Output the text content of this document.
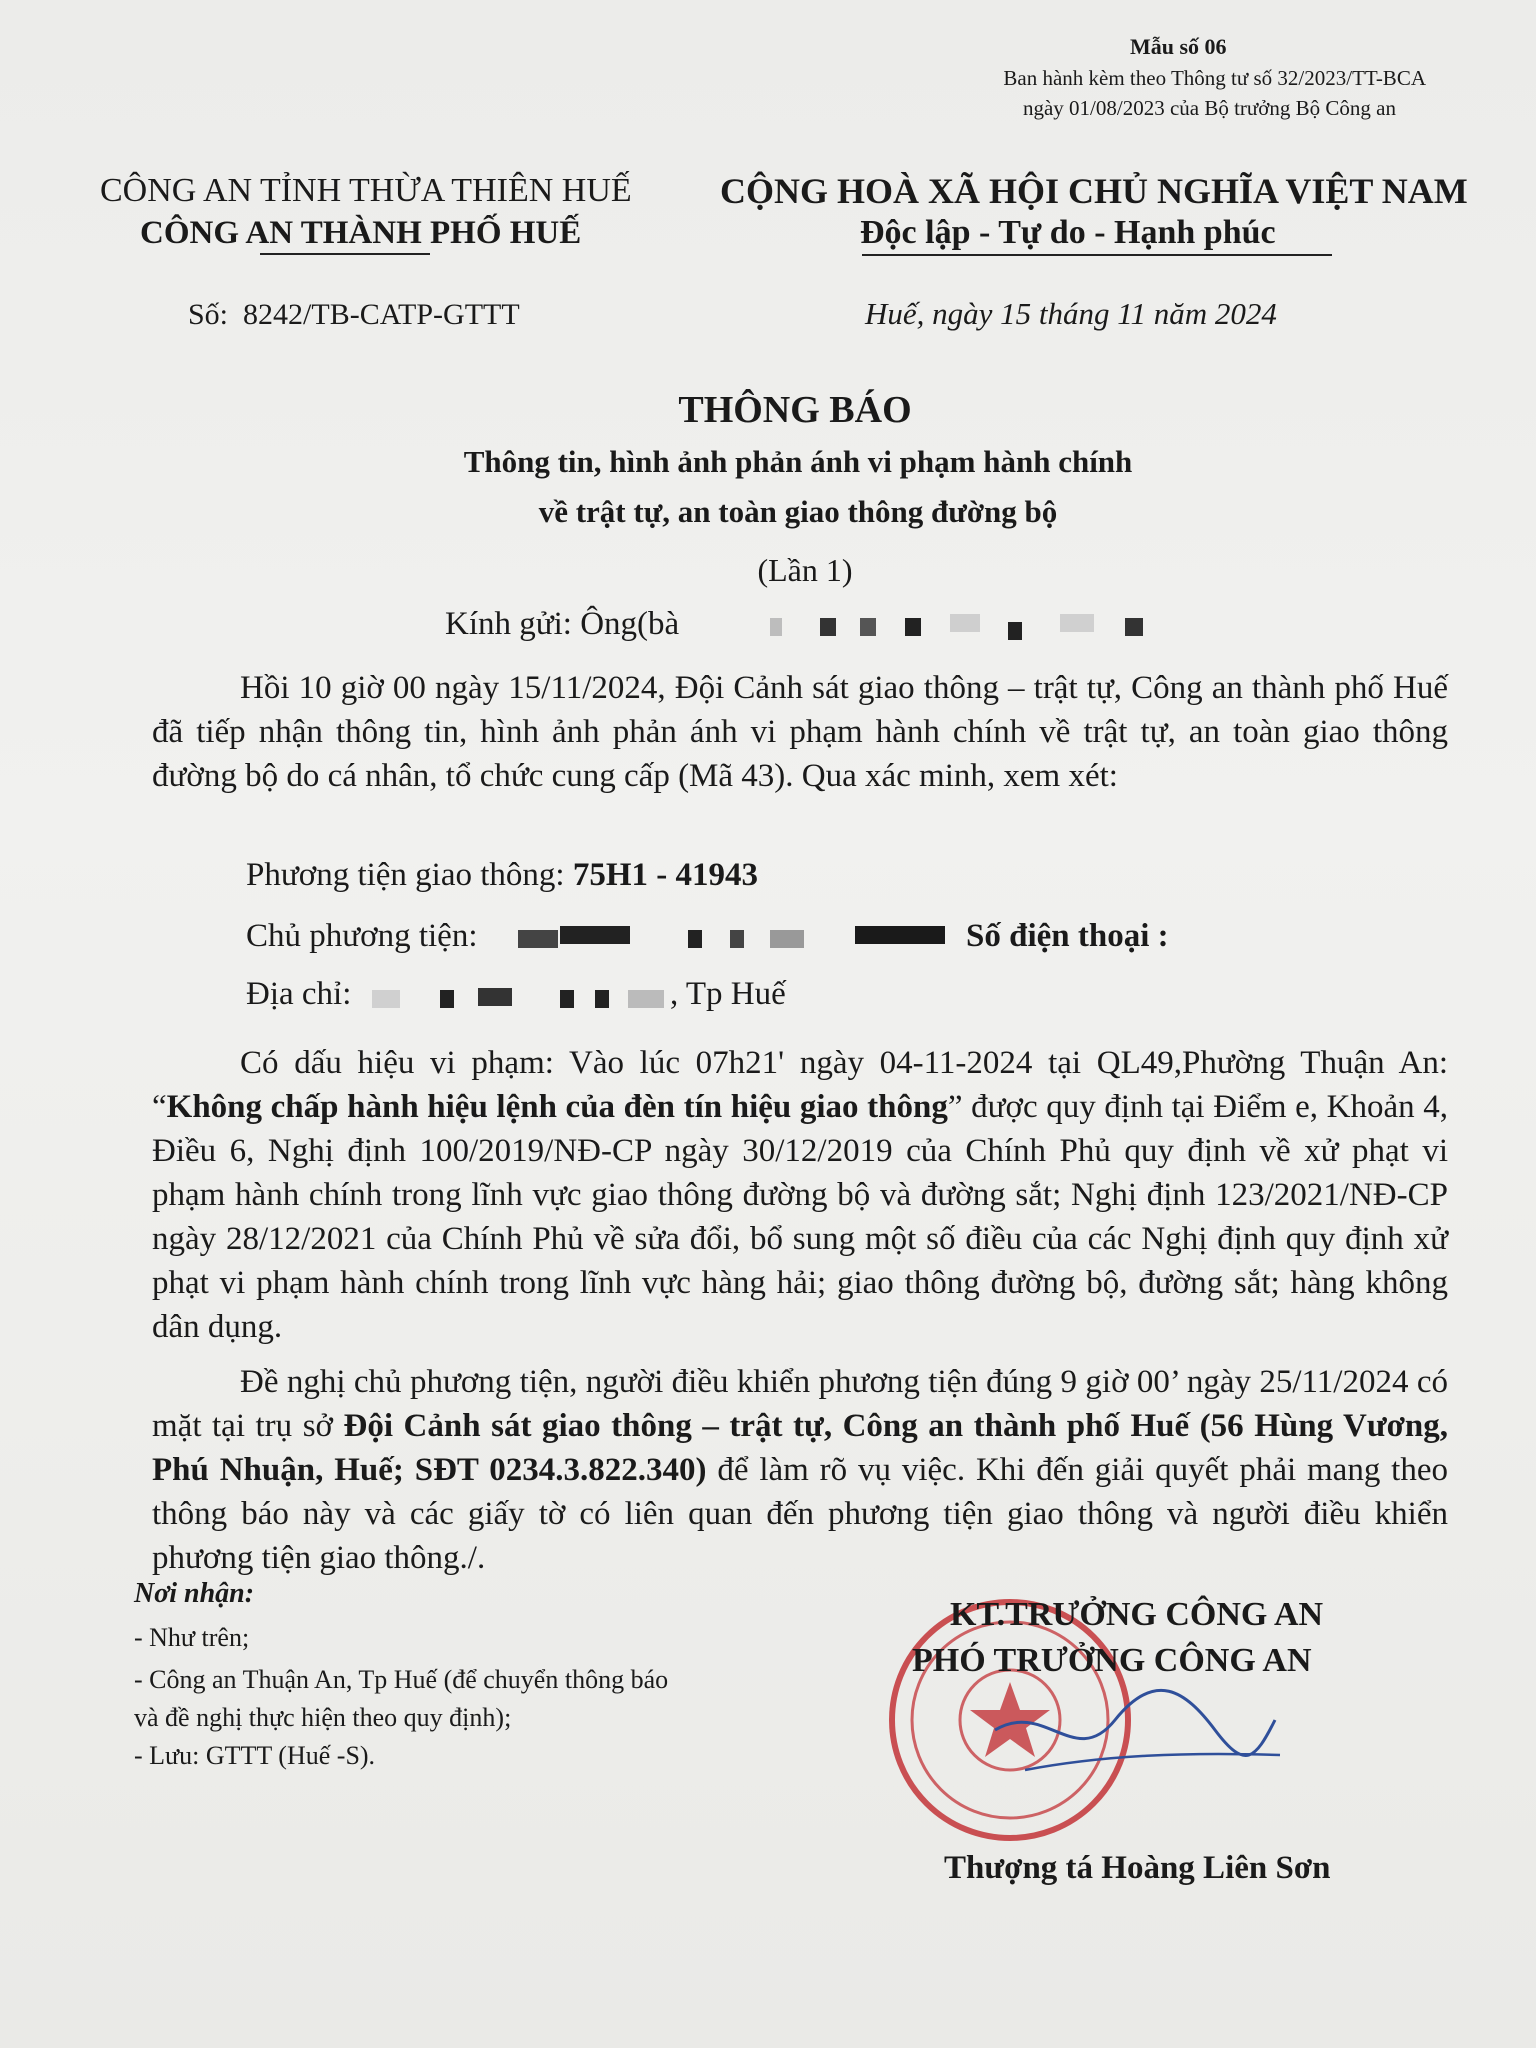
Mẫu số 06
Ban hành kèm theo Thông tư số 32/2023/TT-BCA
ngày 01/08/2023 của Bộ trưởng Bộ Công an
CÔNG AN TỈNH THỪA THIÊN HUẾ
CÔNG AN THÀNH PHỐ HUẾ
CỘNG HOÀ XÃ HỘI CHỦ NGHĨA VIỆT NAM
Độc lập - Tự do - Hạnh phúc
Số: 8242/TB-CATP-GTTT	Huế, ngày 15 tháng 11 năm 2024
THÔNG BÁO
Thông tin, hình ảnh phản ánh vi phạm hành chính
về trật tự, an toàn giao thông đường bộ
(Lần 1)
Kính gửi: Ông(bà

Hồi 10 giờ 00 ngày 15/11/2024, Đội Cảnh sát giao thông – trật tự, Công an thành phố Huế đã tiếp nhận thông tin, hình ảnh phản ánh vi phạm hành chính về trật tự, an toàn giao thông đường bộ do cá nhân, tổ chức cung cấp (Mã 43). Qua xác minh, xem xét:

Phương tiện giao thông: 75H1 - 41943
Chủ phương tiện:	Số điện thoại :
Địa chỉ:	, Tp Huế

Có dấu hiệu vi phạm: Vào lúc 07h21' ngày 04-11-2024 tại QL49,Phường Thuận An: “Không chấp hành hiệu lệnh của đèn tín hiệu giao thông” được quy định tại Điểm e, Khoản 4, Điều 6, Nghị định 100/2019/NĐ-CP ngày 30/12/2019 của Chính Phủ quy định về xử phạt vi phạm hành chính trong lĩnh vực giao thông đường bộ và đường sắt; Nghị định 123/2021/NĐ-CP ngày 28/12/2021 của Chính Phủ về sửa đổi, bổ sung một số điều của các Nghị định quy định xử phạt vi phạm hành chính trong lĩnh vực hàng hải; giao thông đường bộ, đường sắt; hàng không dân dụng.

Đề nghị chủ phương tiện, người điều khiển phương tiện đúng 9 giờ 00’ ngày 25/11/2024 có mặt tại trụ sở Đội Cảnh sát giao thông – trật tự, Công an thành phố Huế (56 Hùng Vương, Phú Nhuận, Huế; SĐT 0234.3.822.340) để làm rõ vụ việc. Khi đến giải quyết phải mang theo thông báo này và các giấy tờ có liên quan đến phương tiện giao thông và người điều khiển phương tiện giao thông./.

Nơi nhận:
- Như trên;
- Công an Thuận An, Tp Huế (để chuyển thông báo
và đề nghị thực hiện theo quy định);
- Lưu: GTTT (Huế -S).
KT.TRƯỞNG CÔNG AN
PHÓ TRƯỞNG CÔNG AN
Thượng tá Hoàng Liên Sơn
